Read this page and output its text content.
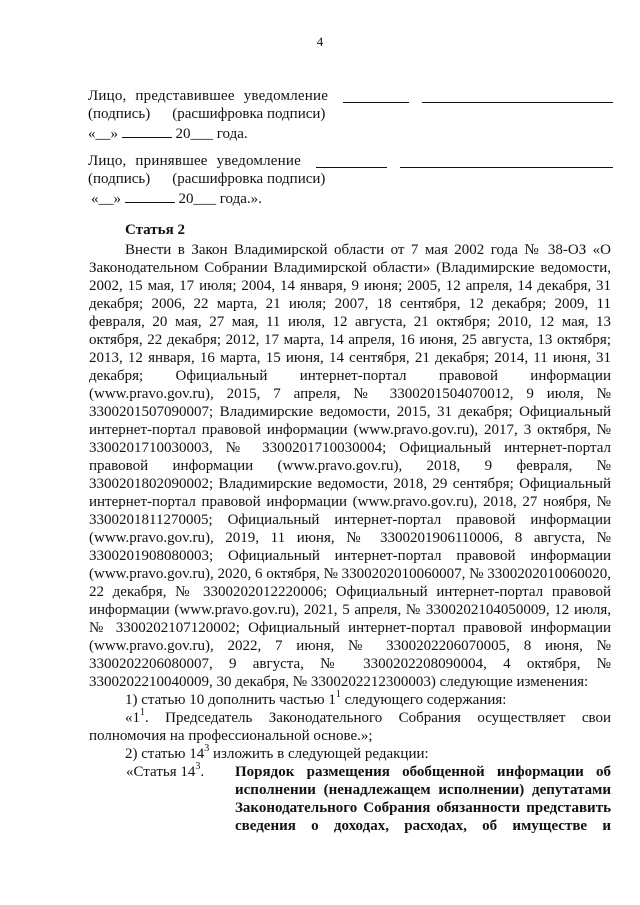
4
Лицо, представившее уведомление
(подпись) (расшифровка подписи)
«__»	20___ года.
Лицо, принявшее уведомление
(подпись) (расшифровка подписи)
«__»	20___ года.».
Статья 2
Внести в Закон Владимирской области от 7 мая 2002 года № 38-ОЗ «О Законодательном Собрании Владимирской области» (Владимирские ведомости, 2002, 15 мая, 17 июля; 2004, 14 января, 9 июня; 2005, 12 апреля, 14 декабря, 31 декабря; 2006, 22 марта, 21 июля; 2007, 18 сентября, 12 декабря; 2009, 11 февраля, 20 мая, 27 мая, 11 июля, 12 августа, 21 октября; 2010, 12 мая, 13 октября, 22 декабря; 2012, 17 марта, 14 апреля, 16 июня, 25 августа, 13 октября; 2013, 12 января, 16 марта, 15 июня, 14 сентября, 21 декабря; 2014, 11 июня, 31 декабря; Официальный интернет-портал правовой информации (www.pravo.gov.ru), 2015, 7 апреля, № 3300201504070012, 9 июля, № 3300201507090007; Владимирские ведомости, 2015, 31 декабря; Официальный интернет-портал правовой информации (www.pravo.gov.ru), 2017, 3 октября, № 3300201710030003, № 3300201710030004; Официальный интернет-портал правовой информации (www.pravo.gov.ru), 2018, 9 февраля, № 3300201802090002; Владимирские ведомости, 2018, 29 сентября; Официальный интернет-портал правовой информации (www.pravo.gov.ru), 2018, 27 ноября, № 3300201811270005; Официальный интернет-портал правовой информации (www.pravo.gov.ru), 2019, 11 июня, № 3300201906110006, 8 августа, № 3300201908080003; Официальный интернет-портал правовой информации (www.pravo.gov.ru), 2020, 6 октября, № 3300202010060007, № 3300202010060020, 22 декабря, № 3300202012220006; Официальный интернет-портал правовой информации (www.pravo.gov.ru), 2021, 5 апреля, № 3300202104050009, 12 июля, № 3300202107120002; Официальный интернет-портал правовой информации (www.pravo.gov.ru), 2022, 7 июня, № 3300202206070005, 8 июня, № 3300202206080007, 9 августа, № 3300202208090004, 4 октября, № 3300202210040009, 30 декабря, № 3300202212300003) следующие изменения:
1) статью 10 дополнить частью $1^1$ следующего содержания:
«$1^1$. Председатель Законодательного Собрания осуществляет свои полномочия на профессиональной основе.»;
2) статью $14^3$ изложить в следующей редакции:
«Статья $14^3$. Порядок размещения обобщенной информации об исполнении (ненадлежащем исполнении) депутатами Законодательного Собрания обязанности представить сведения о доходах, расходах, об имуществе и
